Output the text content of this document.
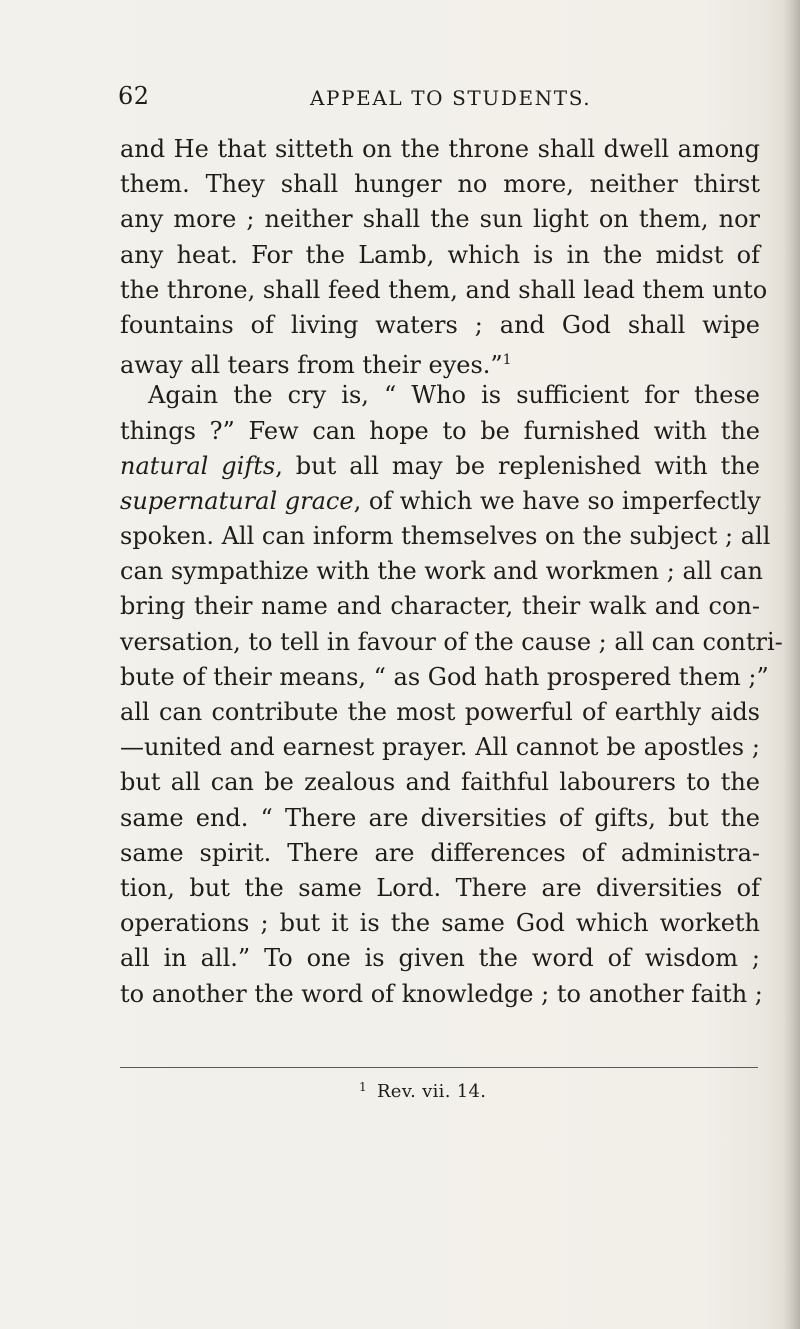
62	APPEAL TO STUDENTS.
and He that sitteth on the throne shall dwell among
them. They shall hunger no more, neither thirst
any more ; neither shall the sun light on them, nor
any heat. For the Lamb, which is in the midst of
the throne, shall feed them, and shall lead them unto
fountains of living waters ; and God shall wipe
away all tears from their eyes.”$^1$
Again the cry is, “ Who is sufficient for these
things ?” Few can hope to be furnished with the
natural gifts, but all may be replenished with the
supernatural grace, of which we have so imperfectly
spoken. All can inform themselves on the subject ; all
can sympathize with the work and workmen ; all can
bring their name and character, their walk and con-
versation, to tell in favour of the cause ; all can contri-
bute of their means, “ as God hath prospered them ;”
all can contribute the most powerful of earthly aids
—united and earnest prayer. All cannot be apostles ;
but all can be zealous and faithful labourers to the
same end. “ There are diversities of gifts, but the
same spirit. There are differences of administra-
tion, but the same Lord. There are diversities of
operations ; but it is the same God which worketh
all in all.” To one is given the word of wisdom ;
to another the word of knowledge ; to another faith ;
$^1$ Rev. vii. 14.
